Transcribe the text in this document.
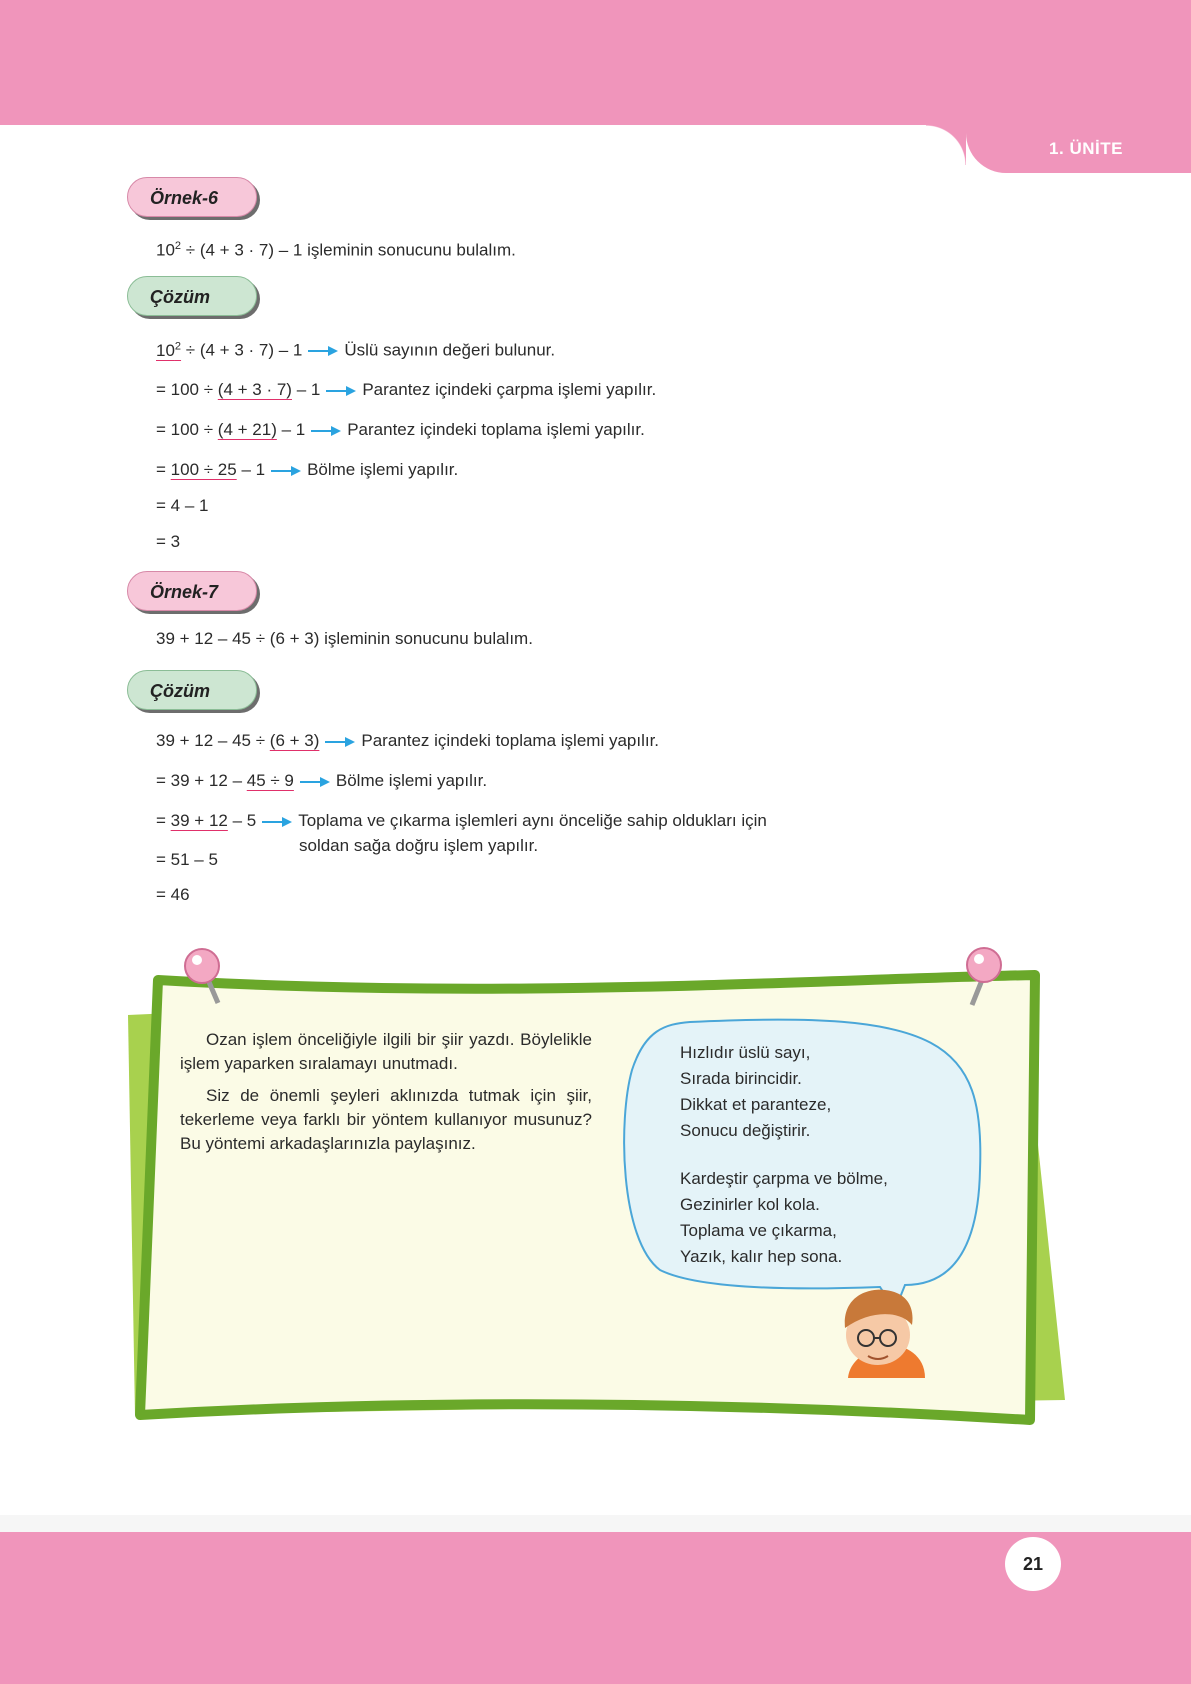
1. ÜNİTE
Örnek-6
$10^2 \div (4 + 3 \cdot 7) - 1$ işleminin sonucunu bulalım.
Çözüm
$10^2 \div (4 + 3 \cdot 7) - 1$ Üslü sayının değeri bulunur.
= 100 ÷ (4 + 3 · 7) – 1 Parantez içindeki çarpma işlemi yapılır.
= 100 ÷ (4 + 21) – 1 Parantez içindeki toplama işlemi yapılır.
= 100 ÷ 25 – 1 Bölme işlemi yapılır.
= 4 – 1
= 3
Örnek-7
39 + 12 – 45 ÷ (6 + 3) işleminin sonucunu bulalım.
Çözüm
39 + 12 – 45 ÷ (6 + 3) Parantez içindeki toplama işlemi yapılır.
= 39 + 12 – 45 ÷ 9 Bölme işlemi yapılır.
= 39 + 12 – 5 Toplama ve çıkarma işlemleri aynı önceliğe sahip oldukları için
soldan sağa doğru işlem yapılır.
= 51 – 5
= 46

Ozan işlem önceliğiyle ilgili bir şiir yazdı. Böylelikle işlem yaparken sıralamayı unutmadı.

Siz de önemli şeyleri aklınızda tutmak için şiir, tekerleme veya farklı bir yöntem kullanıyor musunuz? Bu yöntemi arkadaşlarınızla paylaşınız.

Hızlıdır üslü sayı,
Sırada birincidir.
Dikkat et paranteze,
Sonucu değiştirir.
Kardeştir çarpma ve bölme,
Gezinirler kol kola.
Toplama ve çıkarma,
Yazık, kalır hep sona.
21
